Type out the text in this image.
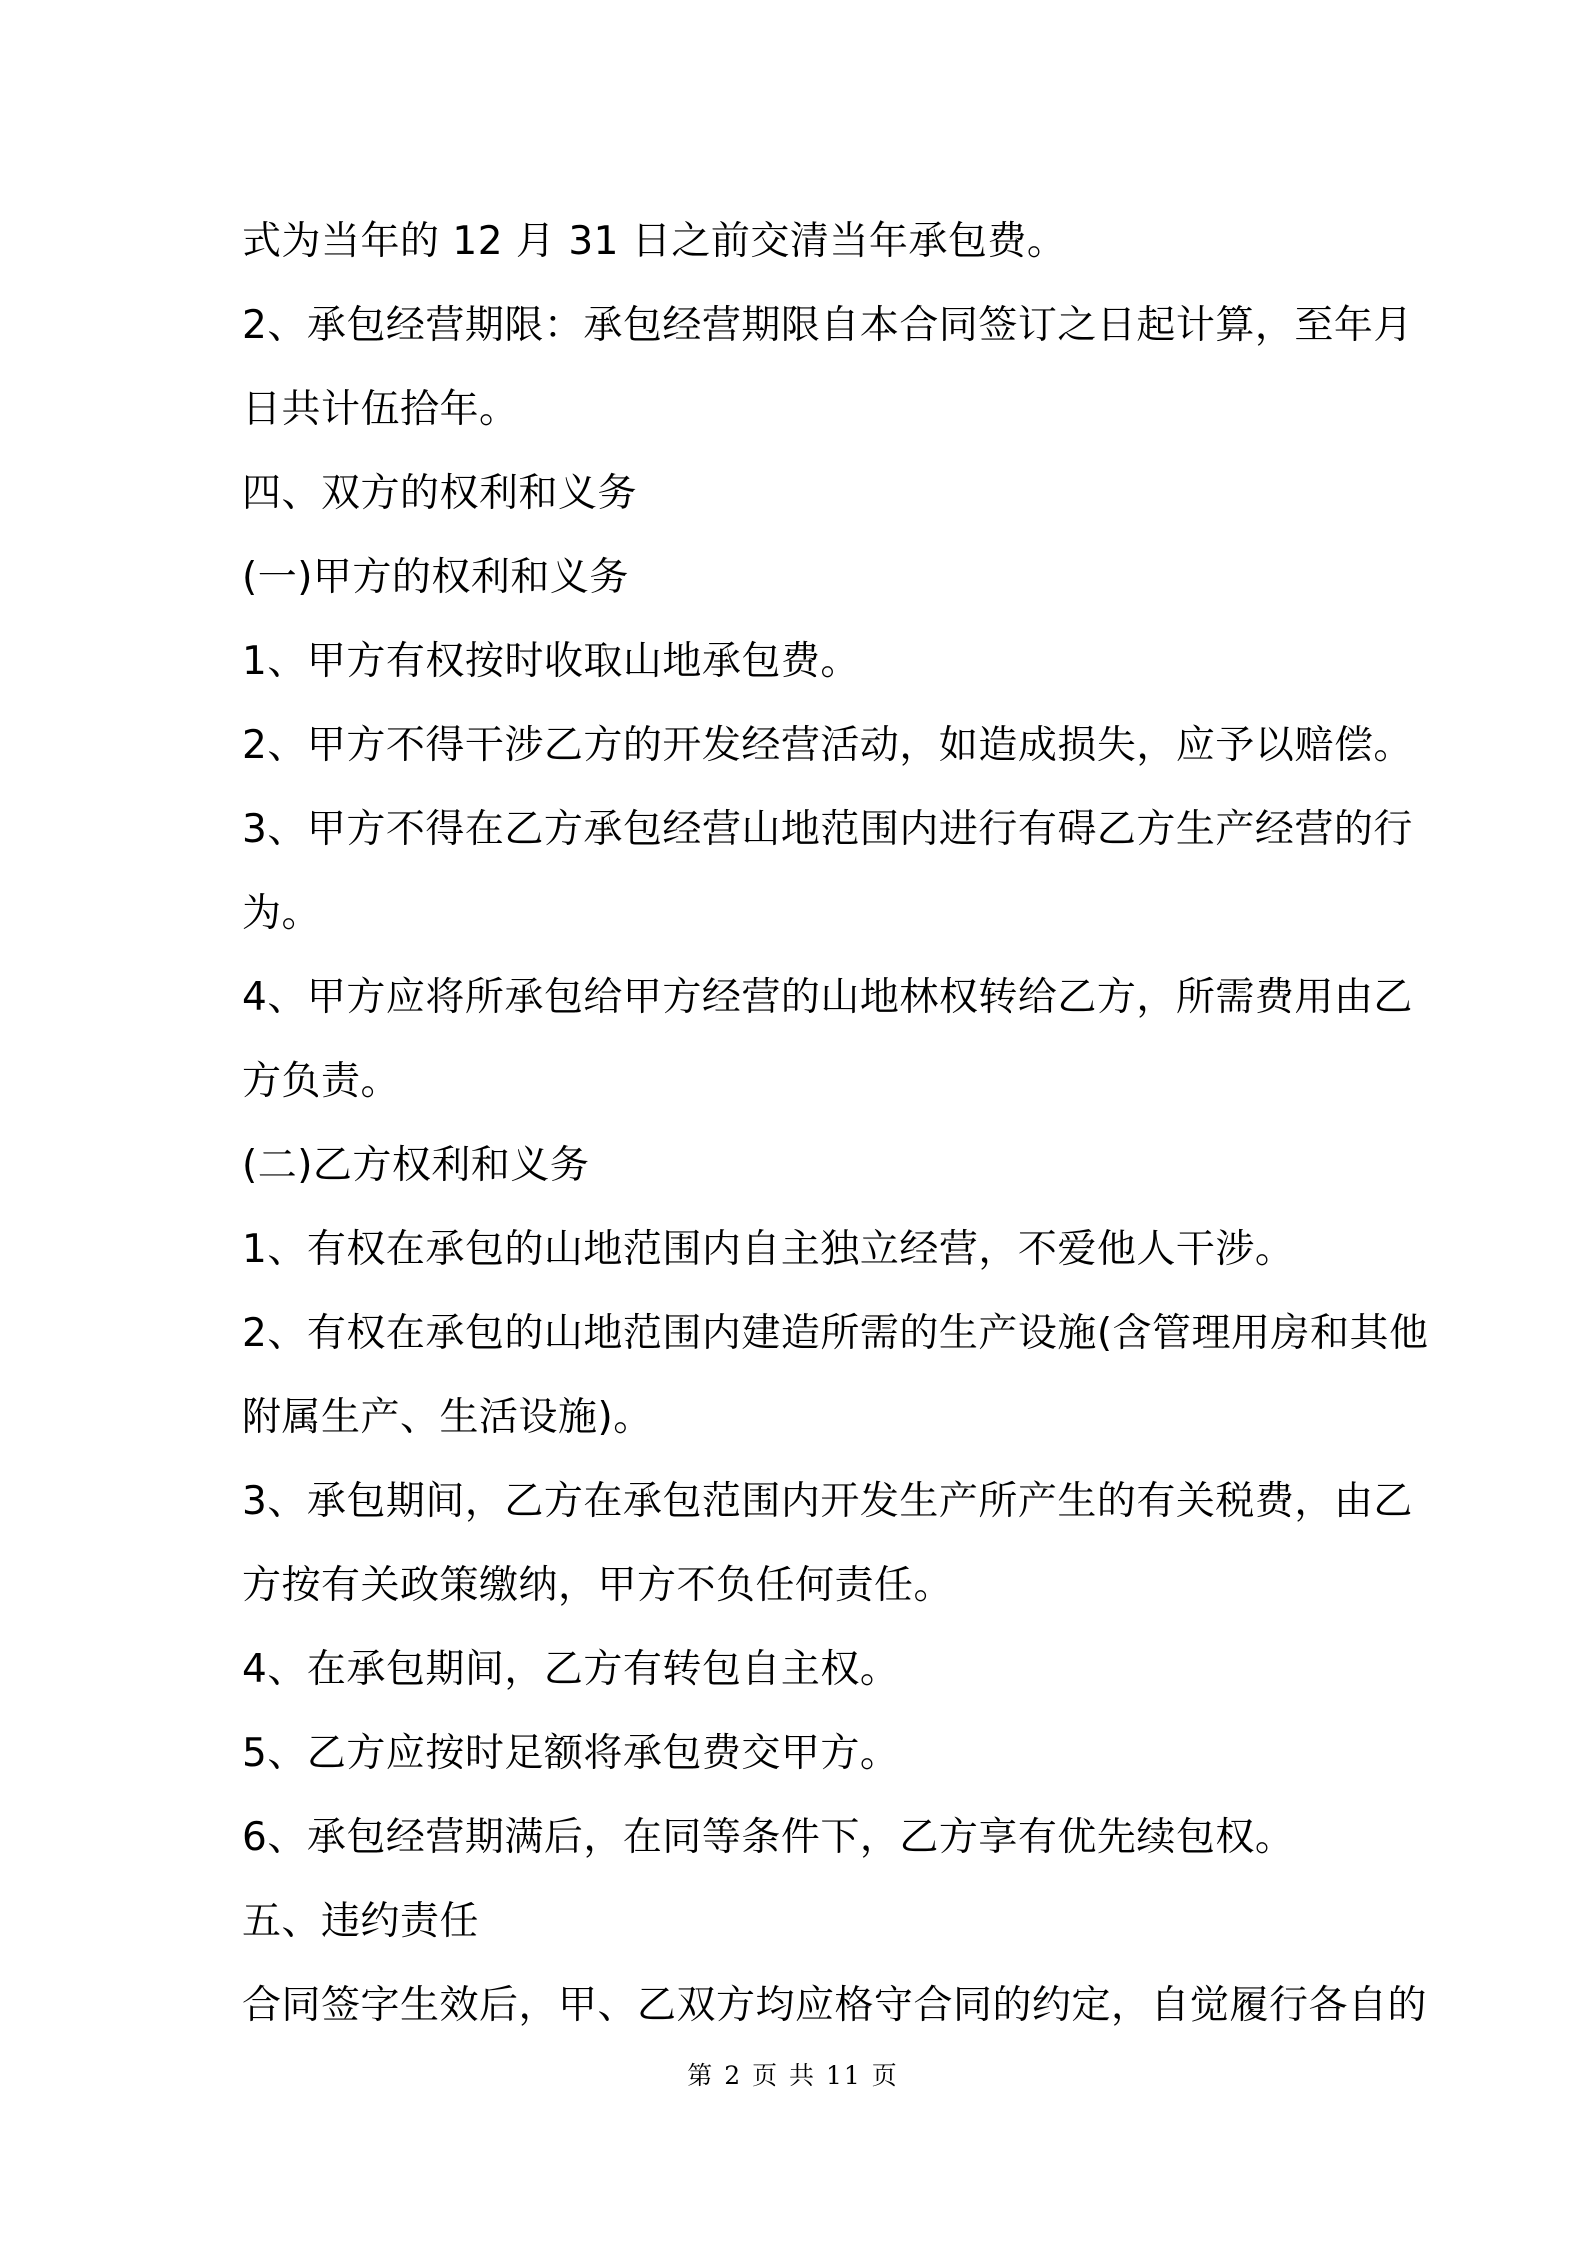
式为当年的 12 月 31 日之前交清当年承包费。
2、承包经营期限：承包经营期限自本合同签订之日起计算，至年月
日共计伍拾年。
四、双方的权利和义务
(一)甲方的权利和义务
1、甲方有权按时收取山地承包费。
2、甲方不得干涉乙方的开发经营活动，如造成损失，应予以赔偿。
3、甲方不得在乙方承包经营山地范围内进行有碍乙方生产经营的行
为。
4、甲方应将所承包给甲方经营的山地林权转给乙方，所需费用由乙
方负责。
(二)乙方权利和义务
1、有权在承包的山地范围内自主独立经营，不爱他人干涉。
2、有权在承包的山地范围内建造所需的生产设施(含管理用房和其他
附属生产、生活设施)。
3、承包期间，乙方在承包范围内开发生产所产生的有关税费，由乙
方按有关政策缴纳，甲方不负任何责任。
4、在承包期间，乙方有转包自主权。
5、乙方应按时足额将承包费交甲方。
6、承包经营期满后，在同等条件下，乙方享有优先续包权。
五、违约责任
合同签字生效后，甲、乙双方均应格守合同的约定，自觉履行各自的
第 2 页 共 11 页
